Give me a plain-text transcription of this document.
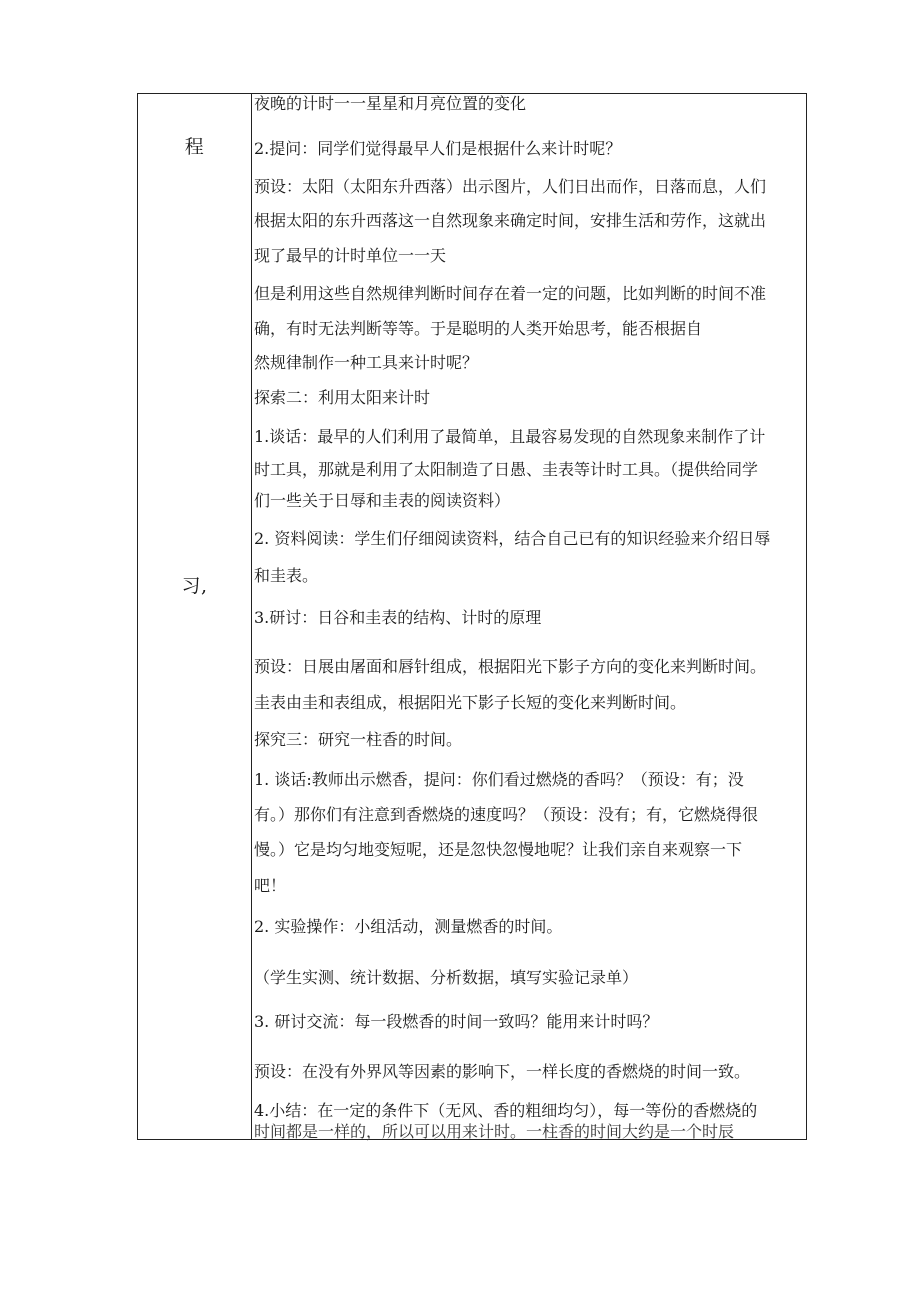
程
习,
夜晚的计时一一星星和月亮位置的变化
2.提问：同学们觉得最早人们是根据什么来计时呢？
预设：太阳（太阳东升西落）出示图片，人们日出而作，日落而息，人们
根据太阳的东升西落这一自然现象来确定时间，安排生活和劳作，这就出
现了最早的计时单位一一天
但是利用这些自然规律判断时间存在着一定的问题，比如判断的时间不准
确，有时无法判断等等。于是聪明的人类开始思考，能否根据自
然规律制作一种工具来计时呢？
探索二：利用太阳来计时
1.谈话：最早的人们利用了最简单，且最容易发现的自然现象来制作了计
时工具，那就是利用了太阳制造了日愚、圭表等计时工具。（提供给同学
们一些关于日辱和圭表的阅读资料）
2. 资料阅读：学生们仔细阅读资料，结合自己已有的知识经验来介绍日辱
和圭表。
3.研讨：日谷和圭表的结构、计时的原理
预设：日展由屠面和唇针组成，根据阳光下影子方向的变化来判断时间。
圭表由圭和表组成，根据阳光下影子长短的变化来判断时间。
探究三：研究一柱香的时间。
1. 谈话:教师出示燃香，提问：你们看过燃烧的香吗？（预设：有；没
有。）那你们有注意到香燃烧的速度吗？（预设：没有；有，它燃烧得很
慢。）它是均匀地变短呢，还是忽快忽慢地呢？让我们亲自来观察一下
吧！
2. 实验操作：小组活动，测量燃香的时间。
（学生实测、统计数据、分析数据，填写实验记录单）
3. 研讨交流：每一段燃香的时间一致吗？能用来计时吗？
预设：在没有外界风等因素的影响下，一样长度的香燃烧的时间一致。
4.小结：在一定的条件下（无风、香的粗细均匀），每一等份的香燃烧的
时间都是一样的，所以可以用来计时。一柱香的时间大约是一个时辰
